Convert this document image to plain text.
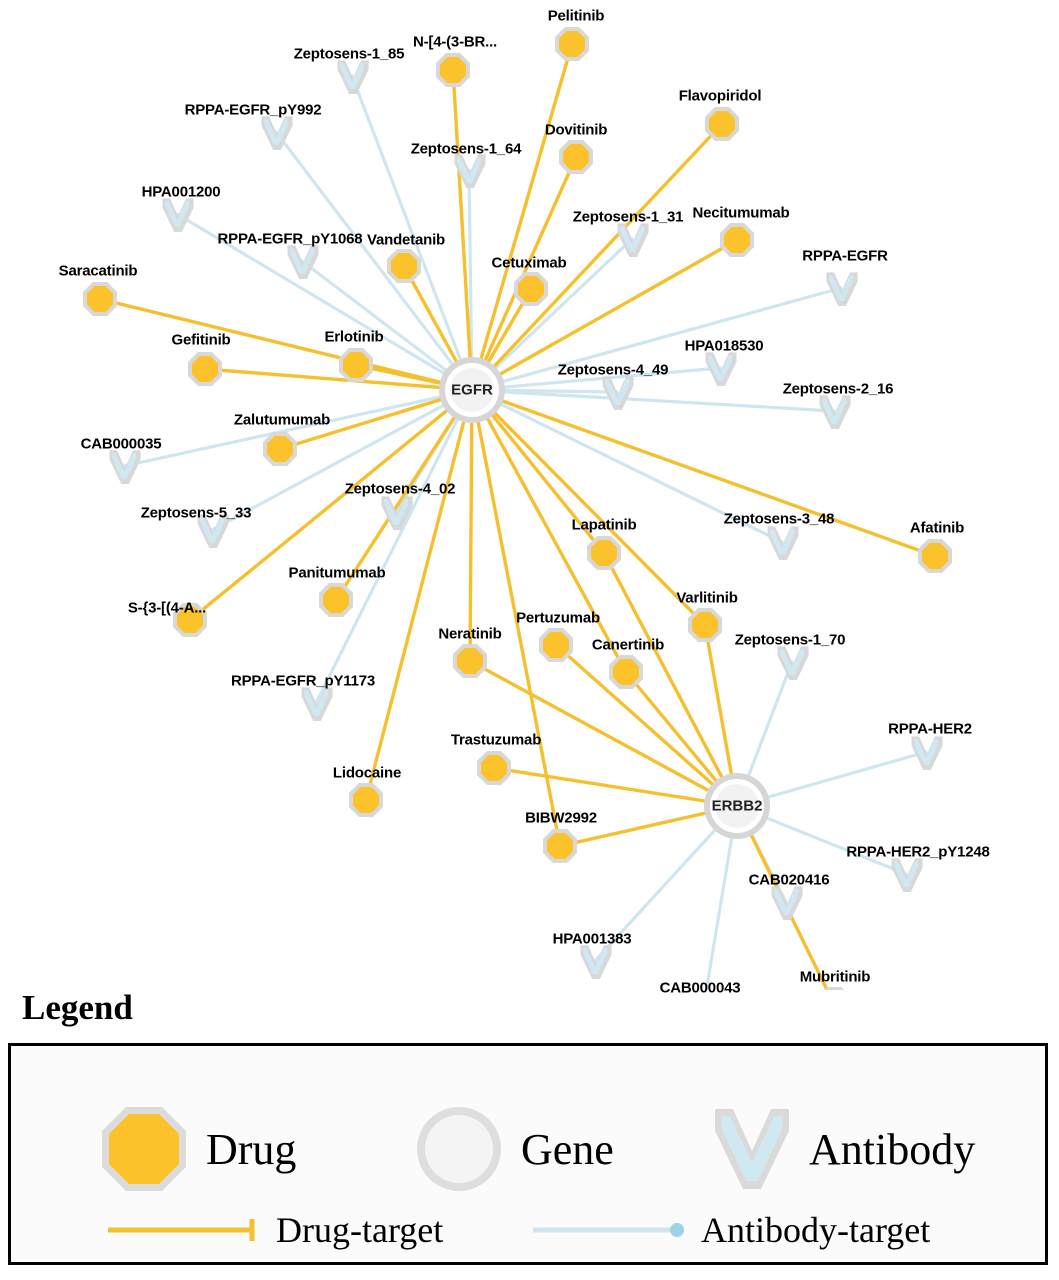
Zeptosens-1_85
RPPA-EGFR_pY992
Zeptosens-1_64
HPA001200
Zeptosens-1_31
RPPA-EGFR_pY1068
RPPA-EGFR
HPA018530
Zeptosens-4_49
Zeptosens-2_16
CAB000035
Zeptosens-5_33
Zeptosens-4_02
Zeptosens-3_48
Zeptosens-1_70
RPPA-EGFR_pY1173
RPPA-HER2
RPPA-HER2_pY1248
CAB020416
HPA001383
CAB000043
Pelitinib
N-[4-(3-BR...
Flavopiridol
Dovitinib
Necitumumab
Vandetanib
Cetuximab
Saracatinib
Gefitinib	Erlotinib
Zalutumumab
Afatinib
Lapatinib
Varlitinib
Panitumumab
S-{3-[(4-A...
Pertuzumab
Neratinib
Canertinib
Trastuzumab
Lidocaine
BIBW2992
Mubritinib
EGFR
ERBB2
Legend
Drug	Gene	Antibody
Drug-target	Antibody-target
